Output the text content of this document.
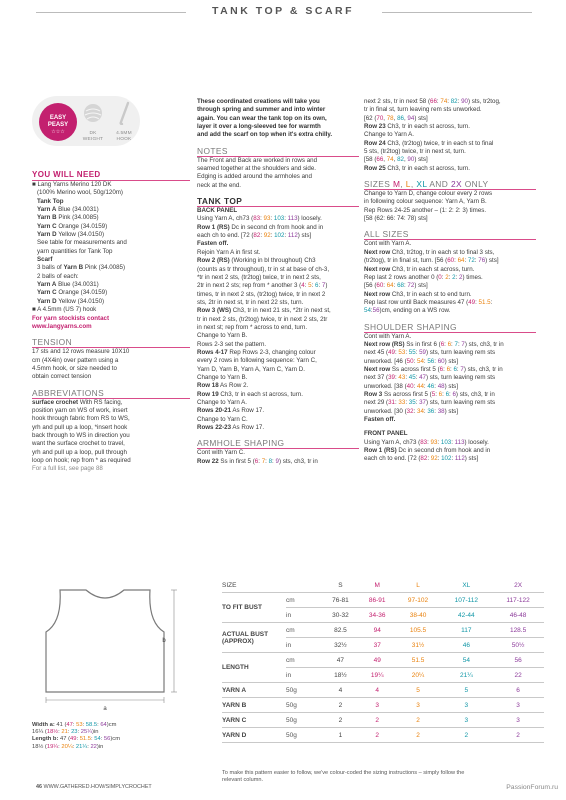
TANK TOP & SCARF
EASY
PEASY
☆☆☆	DK
WEIGHT
4.5MM
HOOK
YOU WILL NEED
■ Lang Yarns Merino 120 DK
(100% Merino wool, 50g/120m)
Tank Top
Yarn A Blue (34.0031)
Yarn B Pink (34.0085)
Yarn C Orange (34.0159)
Yarn D Yellow (34.0150)
See table for measurements and
yarn quantities for Tank Top
Scarf
3 balls of Yarn B Pink (34.0085)
2 balls of each:
Yarn A Blue (34.0031)
Yarn C Orange (34.0159)
Yarn D Yellow (34.0150)
■ A 4.5mm (US 7) hook
For yarn stockists contact
www.langyarns.com
TENSION
17 sts and 12 rows measure 10X10
cm (4X4in) over pattern using a
4.5mm hook, or size needed to
obtain correct tension
ABBREVIATIONS
surface crochet With RS facing,
position yarn on WS of work, insert
hook through fabric from RS to WS,
yrh and pull up a loop, *insert hook
back through to WS in direction you
want the surface crochet to travel,
yrh and pull up a loop, pull through
loop on hook; rep from * as required
For a full list, see page 88
a
b
Width a: 41 (47: 53: 58.5: 64)cm
16¼ (18½: 21: 23: 25¼)in
Length b: 47 (49: 51.5: 54: 56)cm
18½ (19¼: 20¼: 21¼: 22)in
These coordinated creations will take you
through spring and summer and into winter
again. You can wear the tank top on its own,
layer it over a long-sleeved tee for warmth
and add the scarf on top when it's extra chilly.
NOTES
The Front and Back are worked in rows and
seamed together at the shoulders and side.
Edging is added around the armholes and
neck at the end.
TANK TOP
BACK PANEL
Using Yarn A, ch73 (83: 93: 103: 113) loosely.
Row 1 (RS) Dc in second ch from hook and in
each ch to end. [72 (82: 92: 102: 112) sts]
Fasten off.
Rejoin Yarn A in first st.
Row 2 (RS) (Working in bl throughout) Ch3
(counts as tr throughout), tr in st at base of ch-3,
*tr in next 2 sts, (tr2tog) twice, tr in next 2 sts,
2tr in next 2 sts; rep from * another 3 (4: 5: 6: 7)
times, tr in next 2 sts, (tr2tog) twice, tr in next 2
sts, 2tr in next st, tr in next 22 sts, turn.
Row 3 (WS) Ch3, tr in next 21 sts, *2tr in next st,
tr in next 2 sts, (tr2tog) twice, tr in next 2 sts, 2tr
in next st; rep from * across to end, turn.
Change to Yarn B.
Rows 2-3 set the pattern.
Rows 4-17 Rep Rows 2-3, changing colour
every 2 rows in following sequence: Yarn C,
Yarn D, Yarn B, Yarn A, Yarn C, Yarn D.
Change to Yarn B.
Row 18 As Row 2.
Row 19 Ch3, tr in each st across, turn.
Change to Yarn A.
Rows 20-21 As Row 17.
Change to Yarn C.
Rows 22-23 As Row 17.
ARMHOLE SHAPING
Cont with Yarn C.
Row 22 Ss in first 5 (6: 7: 8: 9) sts, ch3, tr in
next 2 sts, tr in next 58 (66: 74: 82: 90) sts, tr2tog,
tr in final st, turn leaving rem sts unworked.
[62 (70, 78, 86, 94) sts]
Row 23 Ch3, tr in each st across, turn.
Change to Yarn A.
Row 24 Ch3, (tr2tog) twice, tr in each st to final
5 sts, (tr2tog) twice, tr in next st, turn.
[58 (66, 74, 82, 90) sts]
Row 25 Ch3, tr in each st across, turn.
SIZES M, L, XL AND 2X ONLY
Change to Yarn D, change colour every 2 rows
in following colour sequence: Yarn A, Yarn B.
Rep Rows 24-25 another – (1: 2: 2: 3) times.
[58 (62: 66: 74: 78) sts]
ALL SIZES
Cont with Yarn A.
Next row Ch3, tr2tog, tr in each st to final 3 sts,
(tr2tog), tr in final st, turn. [56 (60: 64: 72: 76) sts]
Next row Ch3, tr in each st across, turn.
Rep last 2 rows another 0 (0: 2: 2: 2) times.
[56 (60: 64: 68: 72) sts]
Next row Ch3, tr in each st to end turn.
Rep last row until Back measures 47 (49: 51.5:
54:56)cm, ending on a WS row.
SHOULDER SHAPING
Cont with Yarn A.
Next row (RS) Ss in first 6 (6: 6: 7: 7) sts, ch3, tr in
next 45 (49: 53: 55: 59) sts, turn leaving rem sts
unworked. [46 (50: 54: 56: 60) sts]
Next row Ss across first 5 (6: 6: 6: 7) sts, ch3, tr in
next 37 (39: 43: 45: 47) sts, turn leaving rem sts
unworked. [38 (40: 44: 46: 48) sts]
Row 3 Ss across first 5 (5: 6: 6: 6) sts, ch3, tr in
next 29 (31: 33: 35: 37) sts, turn leaving rem sts
unworked. [30 (32: 34: 36: 38) sts]
Fasten off.
FRONT PANEL
Using Yarn A, ch73 (83: 93: 103: 113) loosely.
Row 1 (RS) Dc in second ch from hook and in
each ch to end. [72 (82: 92: 102: 112) sts]
SIZE		S	M	L	XL	2X
TO FIT BUST	cm	76-81	86-91	97-102	107-112	117-122
	in	30-32	34-36	38-40	42-44	46-48

ACTUAL BUST
(APPROX)	cm	82.5	94	105.5	117	128.5
	in	32½	37	31½	46	50½
LENGTH	cm	47	49	51.5	54	56
	in	18½	19¼	20¼	21¼	22
YARN A	50g	4	4	5	5	6
YARN B	50g	2	3	3	3	3
YARN C	50g	2	2	2	3	3
YARN D	50g	1	2	2	2	2
To make this pattern easier to follow, we've colour-coded the sizing instructions – simply follow the
relevant column.
46 WWW.GATHERED.HOW/SIMPLYCROCHET	PassionForum.ru
